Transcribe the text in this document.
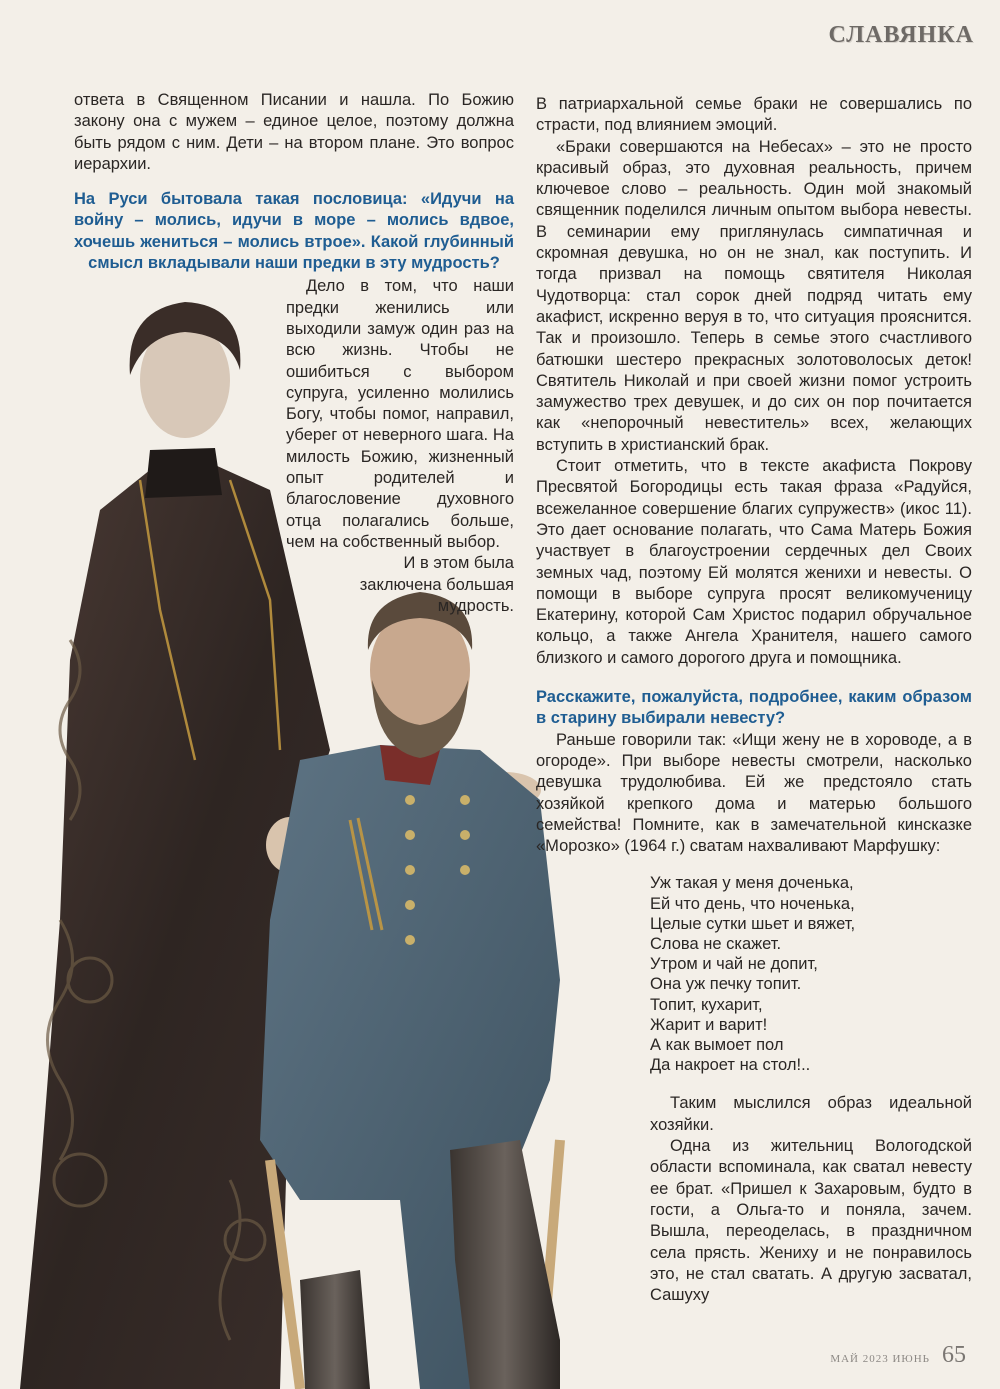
СЛАВЯНКА

ответа в Священном Писании и нашла. По Божию закону она с мужем – единое целое, поэтому должна быть рядом с ним. Дети – на втором плане. Это вопрос иерархии.

На Руси бытовала такая пословица: «Идучи на войну – молись, идучи в море – молись вдвое, хочешь жениться – молись втрое». Какой глубинный смысл вкладывали наши предки в эту мудрость?

Дело в том, что наши предки женились или выходили замуж один раз на всю жизнь. Чтобы не ошибиться с выбором супруга, усиленно молились Богу, чтобы помог, направил, уберег от неверного шага. На милость Божию, жизненный опыт родителей и благословение духовного отца полагались больше, чем на собственный выбор.

И в этом была заключена большая мудрость.

В патриархальной семье браки не совершались по страсти, под влиянием эмоций.

«Браки совершаются на Небесах» – это не просто красивый образ, это духовная реальность, причем ключевое слово – реальность. Один мой знакомый священник поделился личным опытом выбора невесты. В семинарии ему приглянулась симпатичная и скромная девушка, но он не знал, как поступить. И тогда призвал на помощь святителя Николая Чудотворца: стал сорок дней подряд читать ему акафист, искренно веруя в то, что ситуация прояснится. Так и произошло. Теперь в семье этого счастливого батюшки шестеро прекрасных золотоволосых деток! Святитель Николай и при своей жизни помог устроить замужество трех девушек, и до сих он пор почитается как «непорочный невеститель» всех, желающих вступить в христианский брак.

Стоит отметить, что в тексте акафиста Покрову Пресвятой Богородицы есть такая фраза «Радуйся, всежеланное совершение благих супружеств» (икос 11). Это дает основание полагать, что Сама Матерь Божия участвует в благоустроении сердечных дел Своих земных чад, поэтому Ей молятся женихи и невесты. О помощи в выборе супруга просят великомученицу Екатерину, которой Сам Христос подарил обручальное кольцо, а также Ангела Хранителя, нашего самого близкого и самого дорогого друга и помощника.

Расскажите, пожалуйста, подробнее, каким образом в старину выбирали невесту?

Раньше говорили так: «Ищи жену не в хороводе, а в огороде». При выборе невесты смотрели, насколько девушка трудолюбива. Ей же предстояло стать хозяйкой крепкого дома и матерью большого семейства! Помните, как в замечательной кинсказке «Морозко» (1964 г.) сватам нахваливают Марфушку:

Уж такая у меня доченька,
Ей что день, что ноченька,
Целые сутки шьет и вяжет,
Слова не скажет.
Утром и чай не допит,
Она уж печку топит.
Топит, кухарит,
Жарит и варит!
А как вымоет пол
Да накроет на стол!..

Таким мыслился образ идеальной хозяйки.

Одна из жительниц Вологодской области вспоминала, как сватал невесту ее брат. «Пришел к Захаровым, будто в гости, а Ольга-то и поняла, зачем. Вышла, переоделась, в праздничном села прясть. Жениху и не понравилось это, не стал сватать. А другую засватал, Сашуху

МАЙ 2023 ИЮНЬ 65
